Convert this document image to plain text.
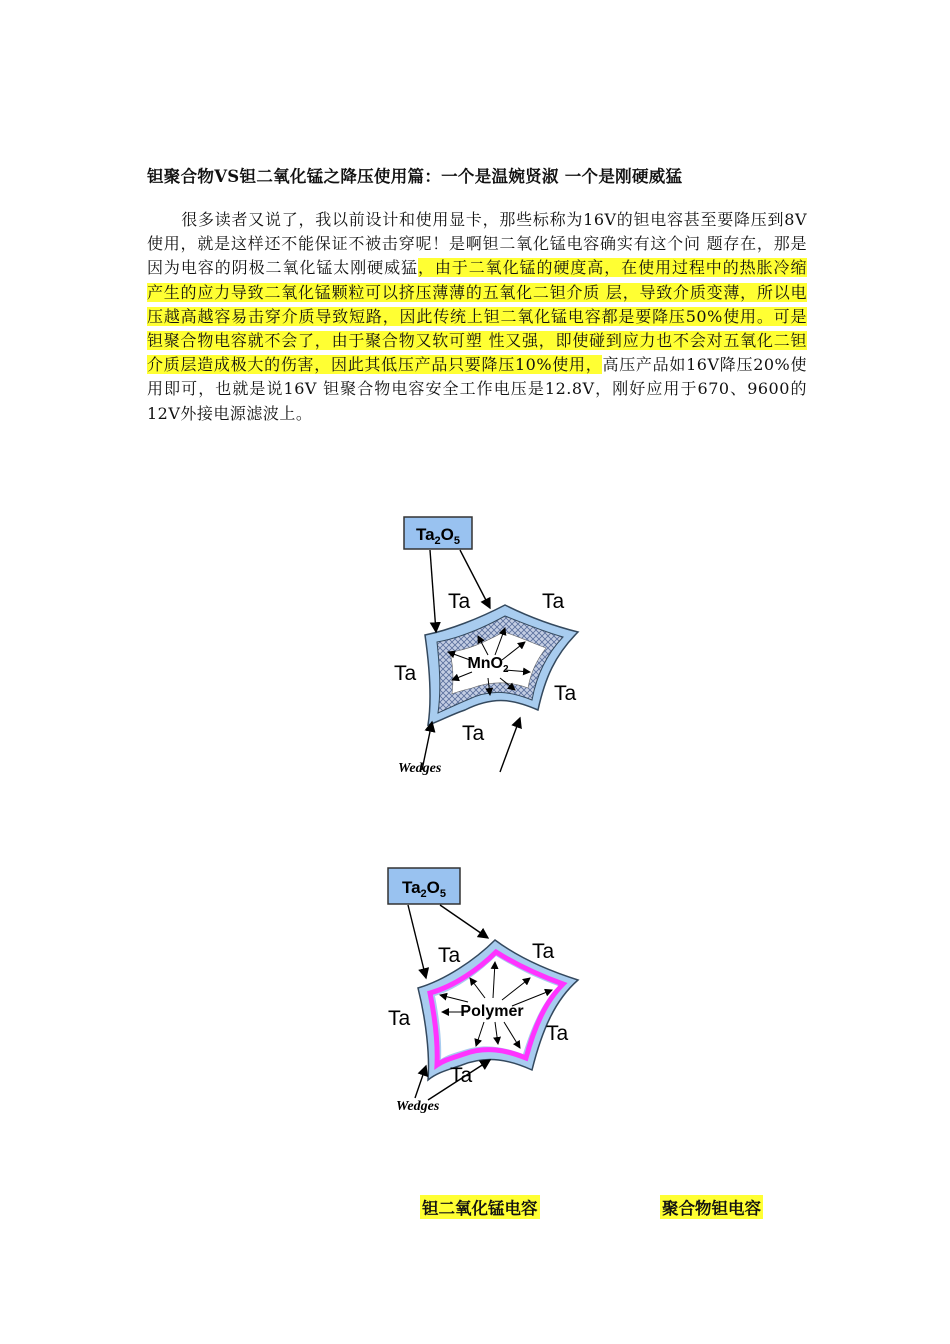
钽聚合物VS钽二氧化锰之降压使用篇：一个是温婉贤淑 一个是刚硬威猛
很多读者又说了，我以前设计和使用显卡，那些标称为16V的钽电容甚至要降压到8V使用，就是这样还不能保证不被击穿呢！是啊钽二氧化锰电容确实有这个问 题存在，那是因为电容的阴极二氧化锰太刚硬威猛，由于二氧化锰的硬度高，在使用过程中的热胀冷缩产生的应力导致二氧化锰颗粒可以挤压薄薄的五氧化二钽介质 层，导致介质变薄，所以电压越高越容易击穿介质导致短路，因此传统上钽二氧化锰电容都是要降压50%使用。可是钽聚合物电容就不会了，由于聚合物又软可塑 性又强，即使碰到应力也不会对五氧化二钽介质层造成极大的伤害，因此其低压产品只要降压10%使用，高压产品如16V降压20%使用即可，也就是说16V 钽聚合物电容安全工作电压是12.8V，刚好应用于670、9600的12V外接电源滤波上。
$Ta_2O_5$
MnO$_2$
Ta	Ta
Ta
Ta
Ta
Wedges
$Ta_2O_5$
Polymer
Ta	Ta
Ta
Ta
Ta
Wedges
钽二氧化锰电容	聚合物钽电容
